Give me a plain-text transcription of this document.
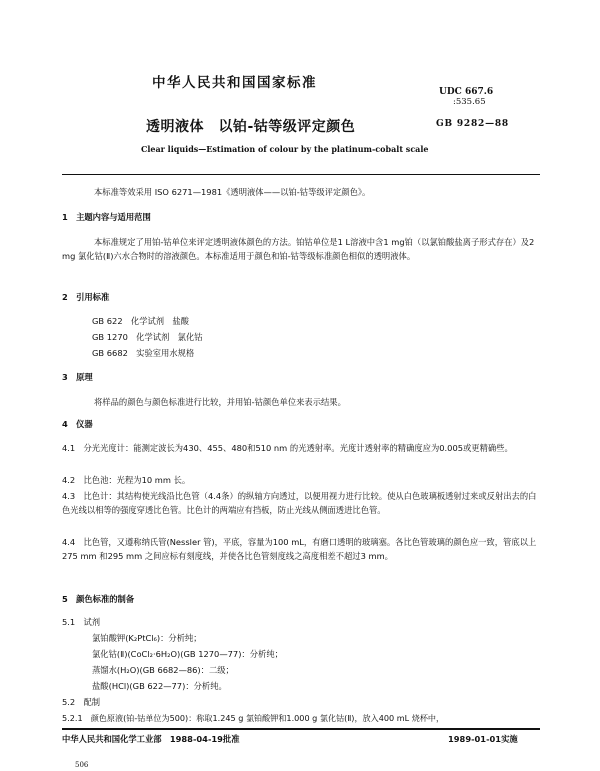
中华人民共和国国家标准
UDC 667.6
:535.65
透明液体　以铂-钴等级评定颜色	GB 9282—88
Clear liquids—Estimation of colour by the platinum-cobalt scale
本标准等效采用 ISO 6271—1981《透明液体——以铂-钴等级评定颜色》。
1　主题内容与适用范围
本标准规定了用铂-钴单位来评定透明液体颜色的方法。铂钴单位是1 L溶液中含1 mg铂（以氯铂酸盐离子形式存在）及2 mg 氯化钴(Ⅱ)六水合物时的溶液颜色。本标准适用于颜色和铂-钴等级标准颜色相似的透明液体。
2　引用标准
GB 622　化学试剂　盐酸
GB 1270　化学试剂　氯化钴
GB 6682　实验室用水规格
3　原理
将样品的颜色与颜色标准进行比较，并用铂-钴颜色单位来表示结果。
4　仪器
4.1　分光光度计：能测定波长为430、455、480和510 nm 的光透射率。光度计透射率的精确度应为0.005或更精确些。
4.2　比色池：光程为10 mm 长。
4.3　比色计：其结构使光线沿比色管（4.4条）的纵轴方向透过，以便用视力进行比较。使从白色玻璃板透射过来或反射出去的白色光线以相等的强度穿透比色管。比色计的两端应有挡板，防止光线从侧面透进比色管。
4.4　比色管，又遵称纳氏管(Nessler 管)，平底，容量为100 mL，有磨口透明的玻璃塞。各比色管玻璃的颜色应一致，管底以上275 mm 和295 mm 之间应标有刻度线，并使各比色管刻度线之高度相差不超过3 mm。
5　颜色标准的制备
5.1　试剂
氯铂酸钾(K₂PtCl₆)：分析纯；
氯化钴(Ⅱ)(CoCl₂·6H₂O)(GB 1270—77)：分析纯；
蒸馏水(H₂O)(GB 6682—86)：二级；
盐酸(HCl)(GB 622—77)：分析纯。
5.2　配制
5.2.1　颜色原液(铂-钴单位为500)：称取1.245 g 氯铂酸钾和1.000 g 氯化钴(Ⅱ)，放入400 mL 烧杯中，
中华人民共和国化学工业部　1988-04-19批准	1989-01-01实施
506
